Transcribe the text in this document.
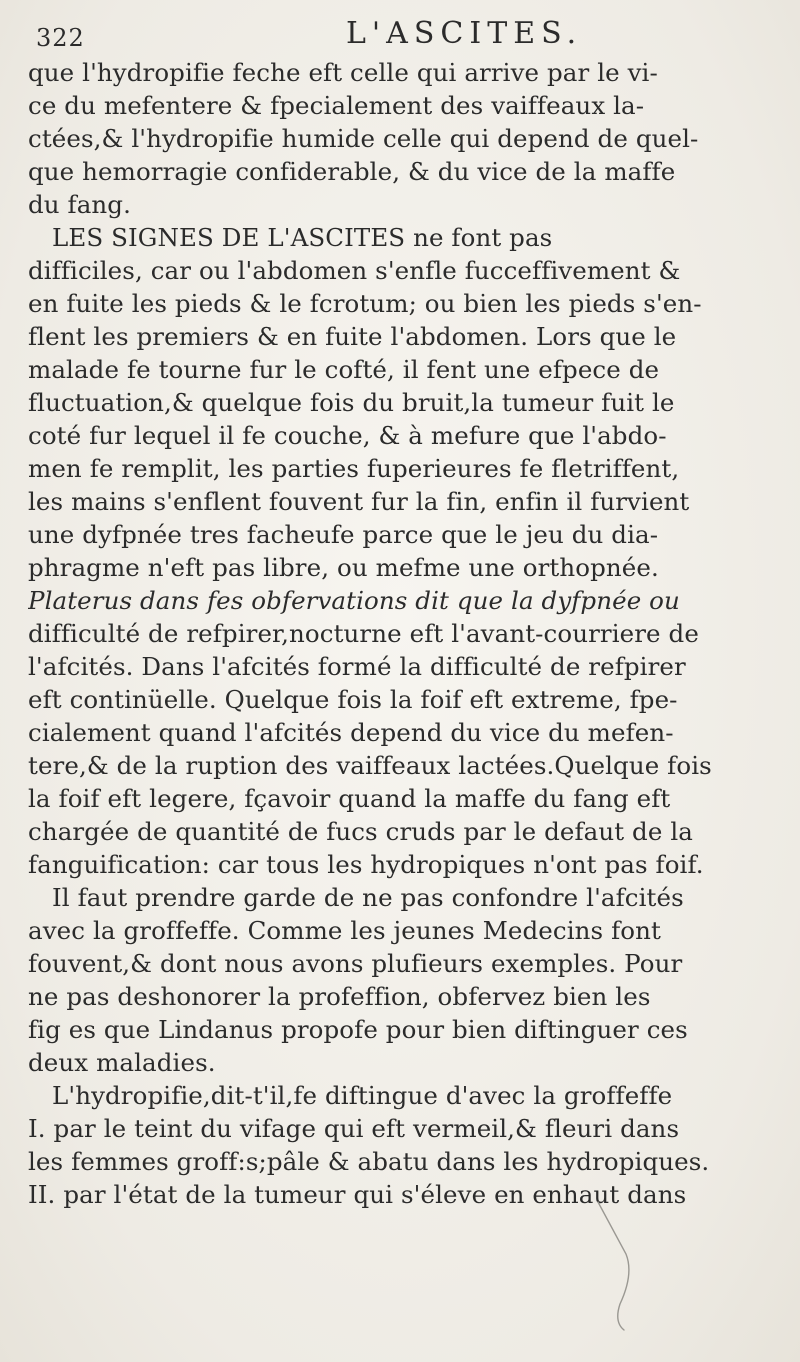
322	L'ASCITES.
que l'hydropifie feche eft celle qui arrive par le vi-
ce du mefentere & fpecialement des vaiffeaux la-
ctées,& l'hydropifie humide celle qui depend de quel-
que hemorragie confiderable, & du vice de la maffe
du fang.
LES SIGNES DE L'ASCITES ne font pas
difficiles, car ou l'abdomen s'enfle fucceffivement &
en fuite les pieds & le fcrotum; ou bien les pieds s'en-
flent les premiers & en fuite l'abdomen. Lors que le
malade fe tourne fur le cofté, il fent une efpece de
fluctuation,& quelque fois du bruit,la tumeur fuit le
coté fur lequel il fe couche, & à mefure que l'abdo-
men fe remplit, les parties fuperieures fe fletriffent,
les mains s'enflent fouvent fur la fin, enfin il furvient
une dyfpnée tres facheufe parce que le jeu du dia-
phragme n'eft pas libre, ou mefme une orthopnée.
Platerus dans fes obfervations dit que la dyfpnée ou
difficulté de refpirer,nocturne eft l'avant-courriere de
l'afcités. Dans l'afcités formé la difficulté de refpirer
eft continüelle. Quelque fois la foif eft extreme, fpe-
cialement quand l'afcités depend du vice du mefen-
tere,& de la ruption des vaiffeaux lactées.Quelque fois
la foif eft legere, fçavoir quand la maffe du fang eft
chargée de quantité de fucs cruds par le defaut de la
fanguification: car tous les hydropiques n'ont pas foif.
Il faut prendre garde de ne pas confondre l'afcités
avec la groffeffe. Comme les jeunes Medecins font
fouvent,& dont nous avons plufieurs exemples. Pour
ne pas deshonorer la profeffion, obfervez bien les
fig es que Lindanus propofe pour bien diftinguer ces
deux maladies.
L'hydropifie,dit-t'il,fe diftingue d'avec la groffeffe
I. par le teint du vifage qui eft vermeil,& fleuri dans
les femmes groff:s;pâle & abatu dans les hydropiques.
II. par l'état de la tumeur qui s'éleve en enhaut dans
